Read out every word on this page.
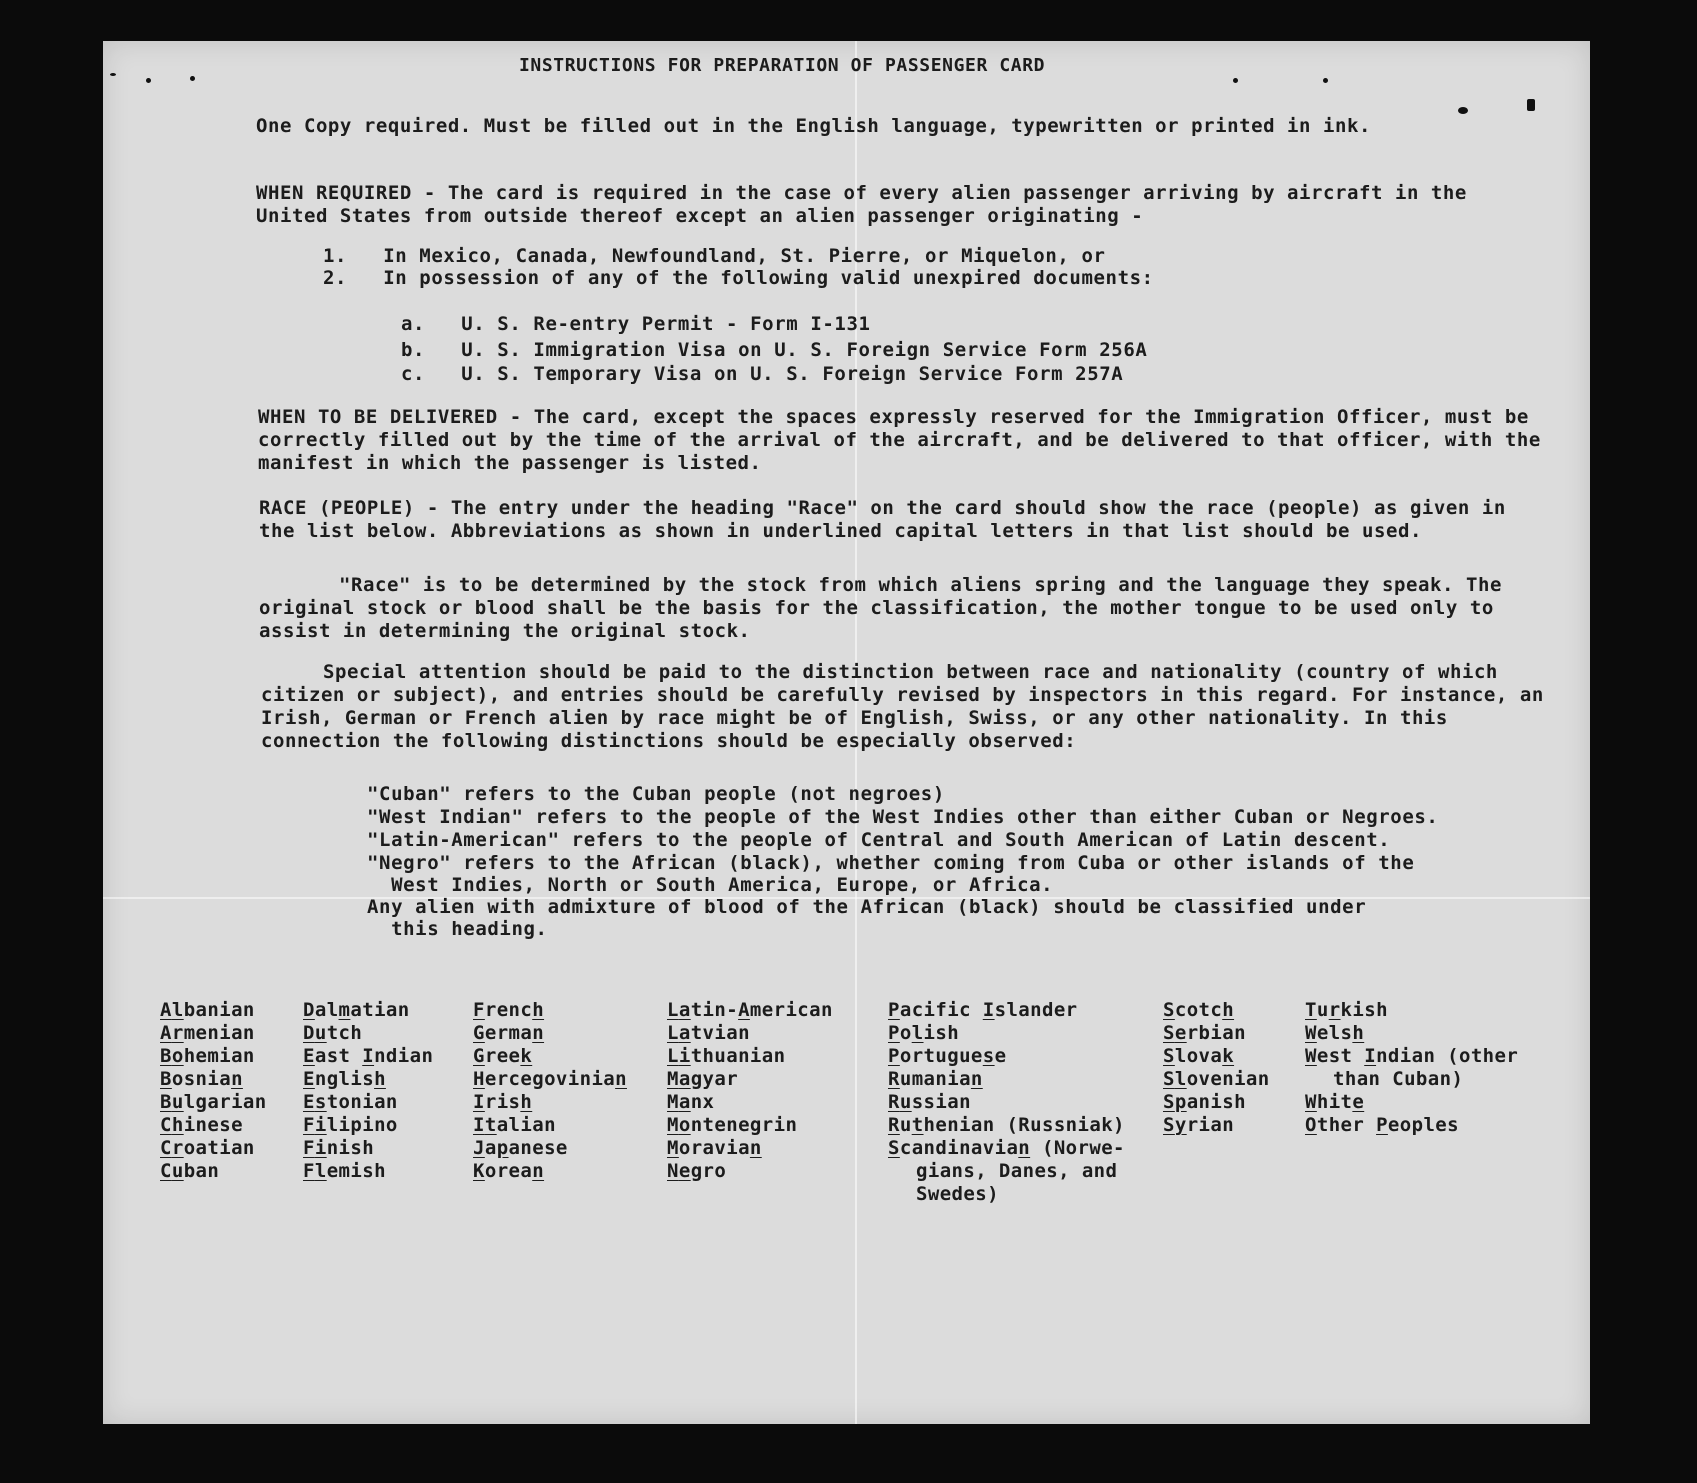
INSTRUCTIONS FOR PREPARATION OF PASSENGER CARD
One Copy required. Must be filled out in the English language, typewritten or printed in ink.
WHEN REQUIRED - The card is required in the case of every alien passenger arriving by aircraft in the United States from outside thereof except an alien passenger originating -
1.   In Mexico, Canada, Newfoundland, St. Pierre, or Miquelon, or
2.   In possession of any of the following valid unexpired documents:
a.   U. S. Re-entry Permit - Form I-131
b.   U. S. Immigration Visa on U. S. Foreign Service Form 256A
c.   U. S. Temporary Visa on U. S. Foreign Service Form 257A
WHEN TO BE DELIVERED - The card, except the spaces expressly reserved for the Immigration Officer, must be correctly filled out by the time of the arrival of the aircraft, and be delivered to that officer, with the manifest in which the passenger is listed.
RACE (PEOPLE) - The entry under the heading "Race" on the card should show the race (people) as given in the list below. Abbreviations as shown in underlined capital letters in that list should be used.
"Race" is to be determined by the stock from which aliens spring and the language they speak. The original stock or blood shall be the basis for the classification, the mother tongue to be used only to assist in determining the original stock.
Special attention should be paid to the distinction between race and nationality (country of which citizen or subject), and entries should be carefully revised by inspectors in this regard. For instance, an Irish, German or French alien by race might be of English, Swiss, or any other nationality. In this connection the following distinctions should be especially observed:
"Cuban" refers to the Cuban people (not negroes)
"West Indian" refers to the people of the West Indies other than either Cuban or Negroes.
"Latin-American" refers to the people of Central and South American of Latin descent.
"Negro" refers to the African (black), whether coming from Cuba or other islands of the
West Indies, North or South America, Europe, or Africa.
Any alien with admixture of blood of the African (black) should be classified under
this heading.
Albanian
Armenian
Bohemian
Bosnian
Bulgarian
Chinese
Croatian
Cuban
Dalmatian
Dutch
East Indian
English
Estonian
Filipino
Finish
Flemish
French
German
Greek
Hercegovinian
Irish
Italian
Japanese
Korean
Latin-American
Latvian
Lithuanian
Magyar
Manx
Montenegrin
Moravian
Negro
Pacific Islander
Polish
Portuguese
Rumanian
Russian
Ruthenian (Russniak)
Scandinavian (Norwe-
gians, Danes, and
Swedes)
Scotch
Serbian
Slovak
Slovenian
Spanish
Syrian
Turkish
Welsh
West Indian (other
than Cuban)
White
Other Peoples
